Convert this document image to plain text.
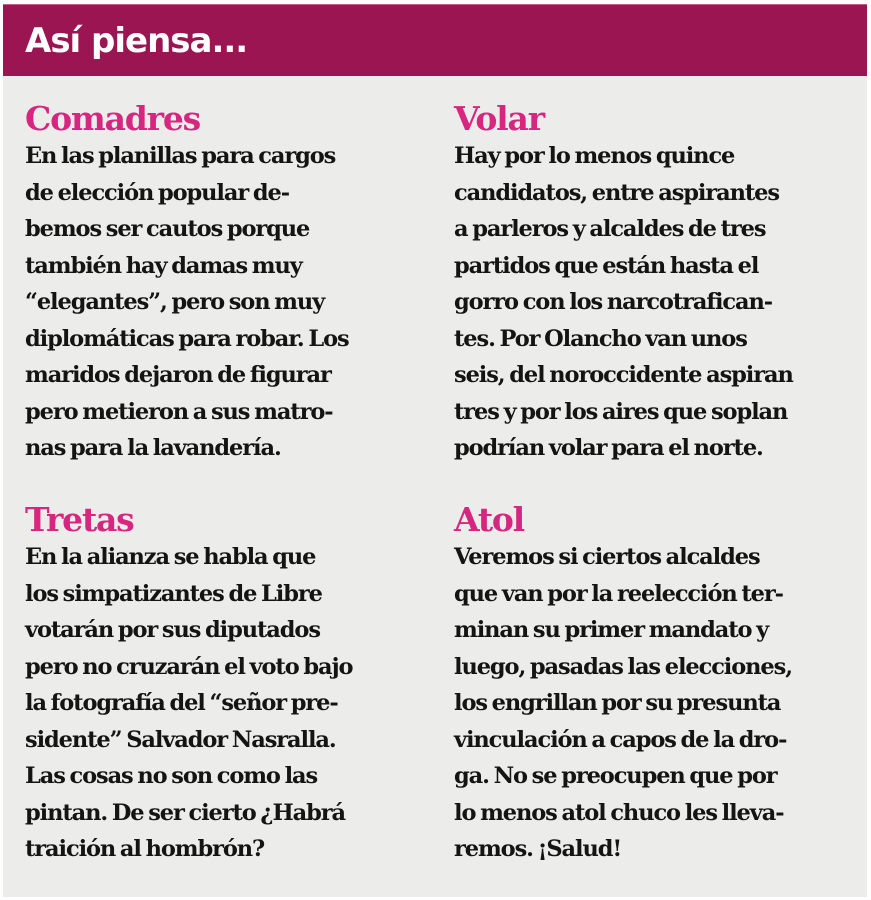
Así piensa...
Comadres

En las planillas para cargos
de elección popular de-
bemos ser cautos porque
también hay damas muy
“elegantes”, pero son muy
diplomáticas para robar. Los
maridos dejaron de figurar
pero metieron a sus matro-
nas para la lavandería.

Volar

Hay por lo menos quince
candidatos, entre aspirantes
a parleros y alcaldes de tres
partidos que están hasta el
gorro con los narcotrafican-
tes. Por Olancho van unos
seis, del noroccidente aspiran
tres y por los aires que soplan
podrían volar para el norte.

Tretas

En la alianza se habla que
los simpatizantes de Libre
votarán por sus diputados
pero no cruzarán el voto bajo
la fotografía del “señor pre-
sidente” Salvador Nasralla.
Las cosas no son como las
pintan. De ser cierto ¿Habrá
traición al hombrón?

Atol

Veremos si ciertos alcaldes
que van por la reelección ter-
minan su primer mandato y
luego, pasadas las elecciones,
los engrillan por su presunta
vinculación a capos de la dro-
ga. No se preocupen que por
lo menos atol chuco les lleva-
remos. ¡Salud!
